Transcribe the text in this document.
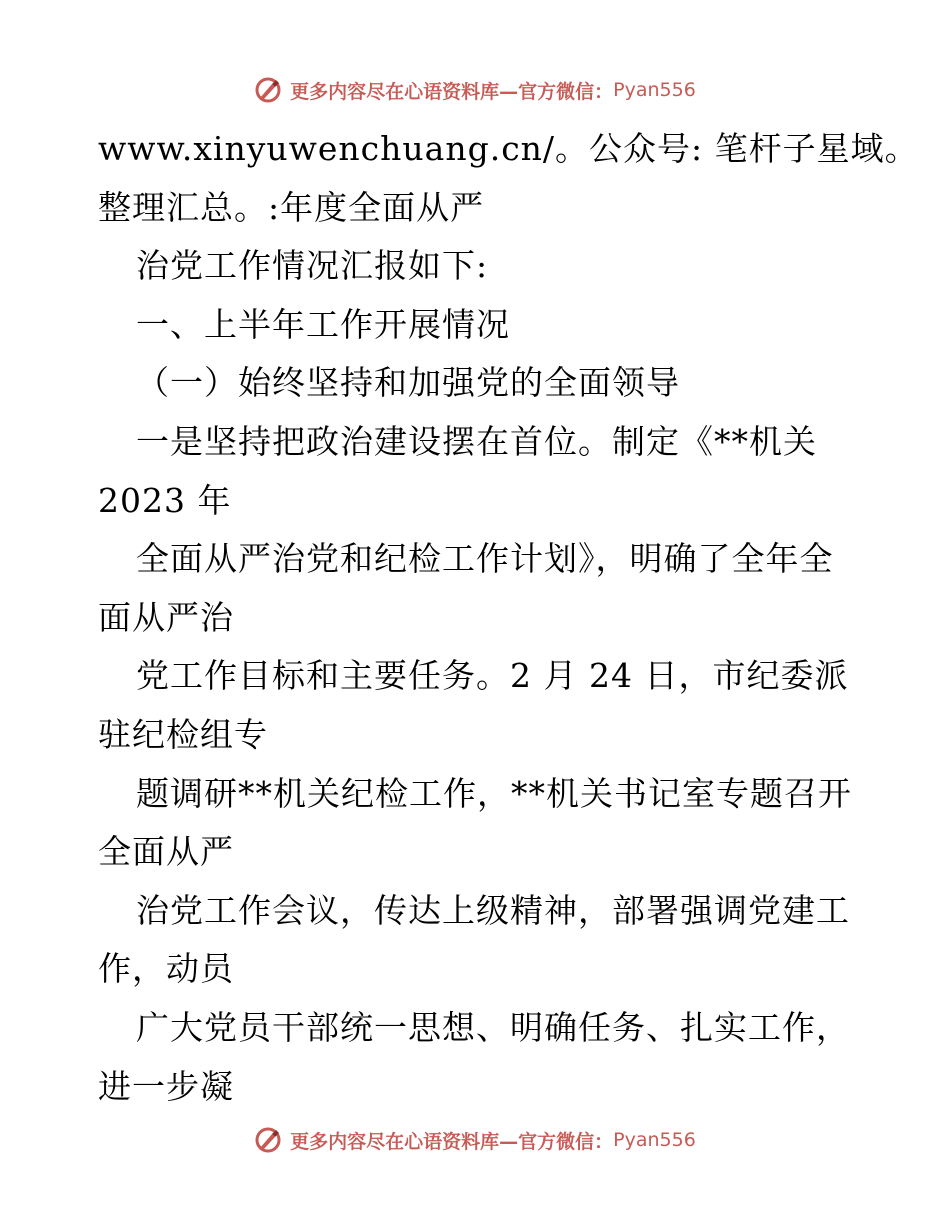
更多内容尽在心语资料库—官方微信： Pyan556
www.xinyuwenchuang.cn/。公众号: 笔杆子星域。
整理汇总。:年度全面从严
治党工作情况汇报如下:
一、上半年工作开展情况
（一）始终坚持和加强党的全面领导
一是坚持把政治建设摆在首位。制定《**机关
2023 年
全面从严治党和纪检工作计划》，明确了全年全
面从严治
党工作目标和主要任务。2 月 24 日，市纪委派
驻纪检组专
题调研**机关纪检工作，**机关书记室专题召开
全面从严
治党工作会议，传达上级精神，部署强调党建工
作，动员
广大党员干部统一思想、明确任务、扎实工作，
进一步凝
更多内容尽在心语资料库—官方微信： Pyan556
